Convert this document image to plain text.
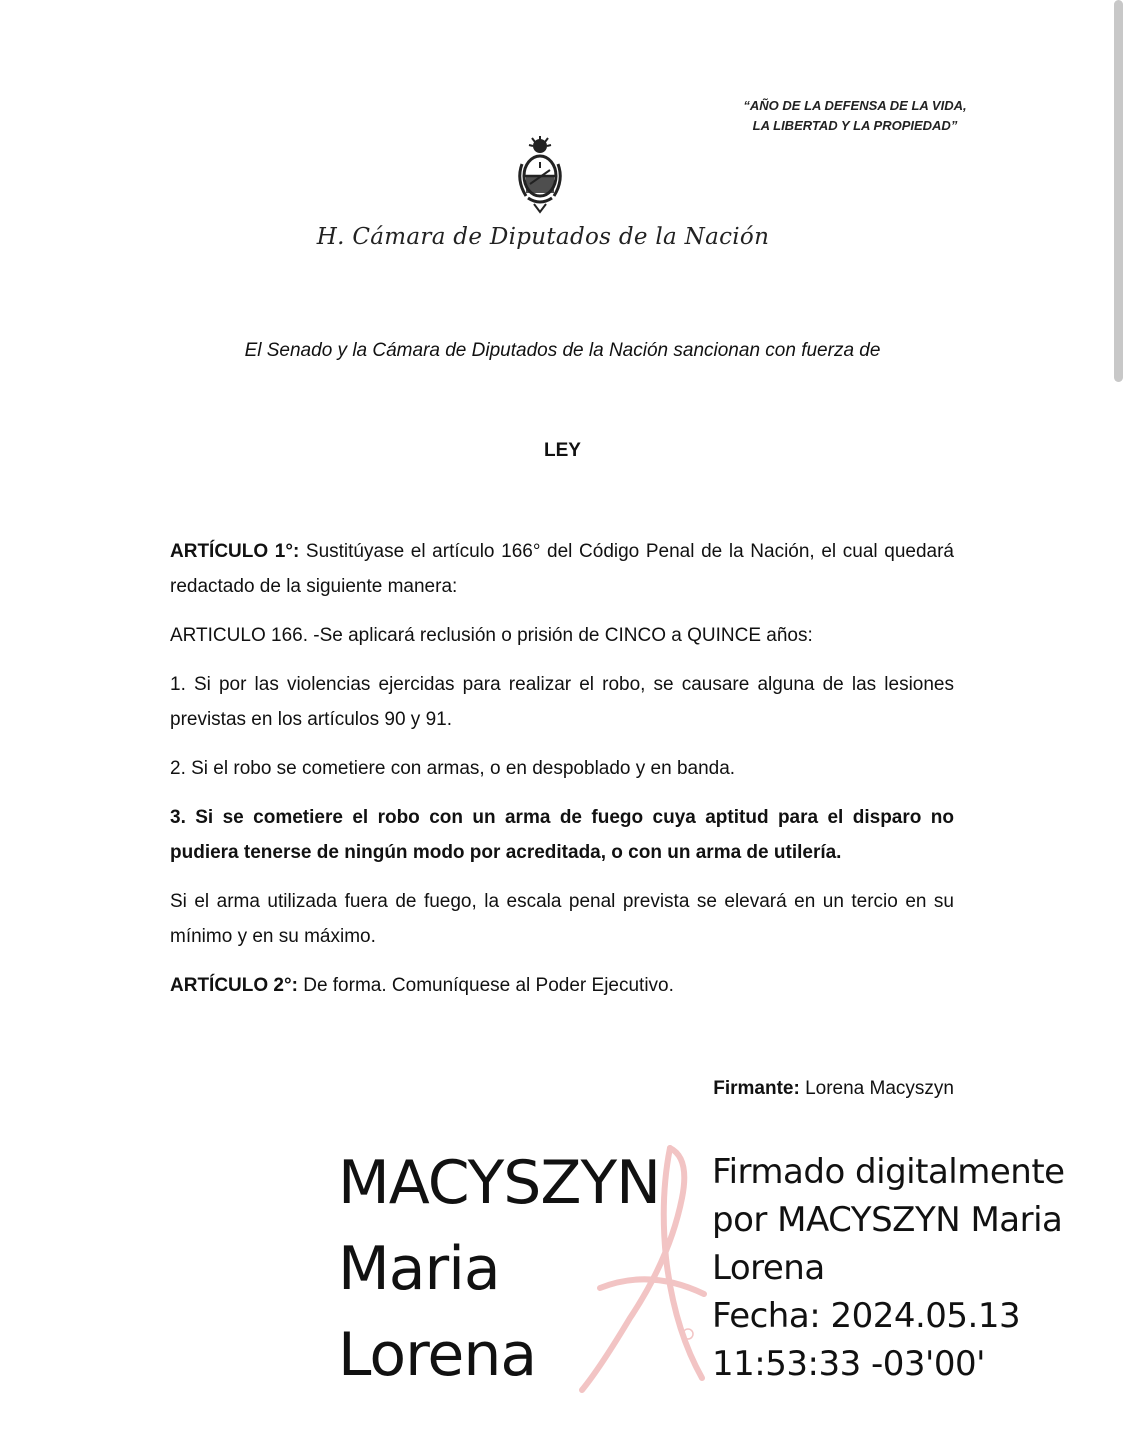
“AÑO DE LA DEFENSA DE LA VIDA,
LA LIBERTAD Y LA PROPIEDAD”
H. Cámara de Diputados de la Nación
El Senado y la Cámara de Diputados de la Nación sancionan con fuerza de
LEY

ARTÍCULO 1°: Sustitúyase el artículo 166° del Código Penal de la Nación, el cual quedará redactado de la siguiente manera:

ARTICULO 166. -Se aplicará reclusión o prisión de CINCO a QUINCE años:

1. Si por las violencias ejercidas para realizar el robo, se causare alguna de las lesiones previstas en los artículos 90 y 91.

2. Si el robo se cometiere con armas, o en despoblado y en banda.

3. Si se cometiere el robo con un arma de fuego cuya aptitud para el disparo no pudiera tenerse de ningún modo por acreditada, o con un arma de utilería.

Si el arma utilizada fuera de fuego, la escala penal prevista se elevará en un tercio en su mínimo y en su máximo.

ARTÍCULO 2°: De forma. Comuníquese al Poder Ejecutivo.

Firmante: Lorena Macyszyn
MACYSZYN
Maria
Lorena
Firmado digitalmente
por MACYSZYN Maria
Lorena
Fecha: 2024.05.13
11:53:33 -03'00'
